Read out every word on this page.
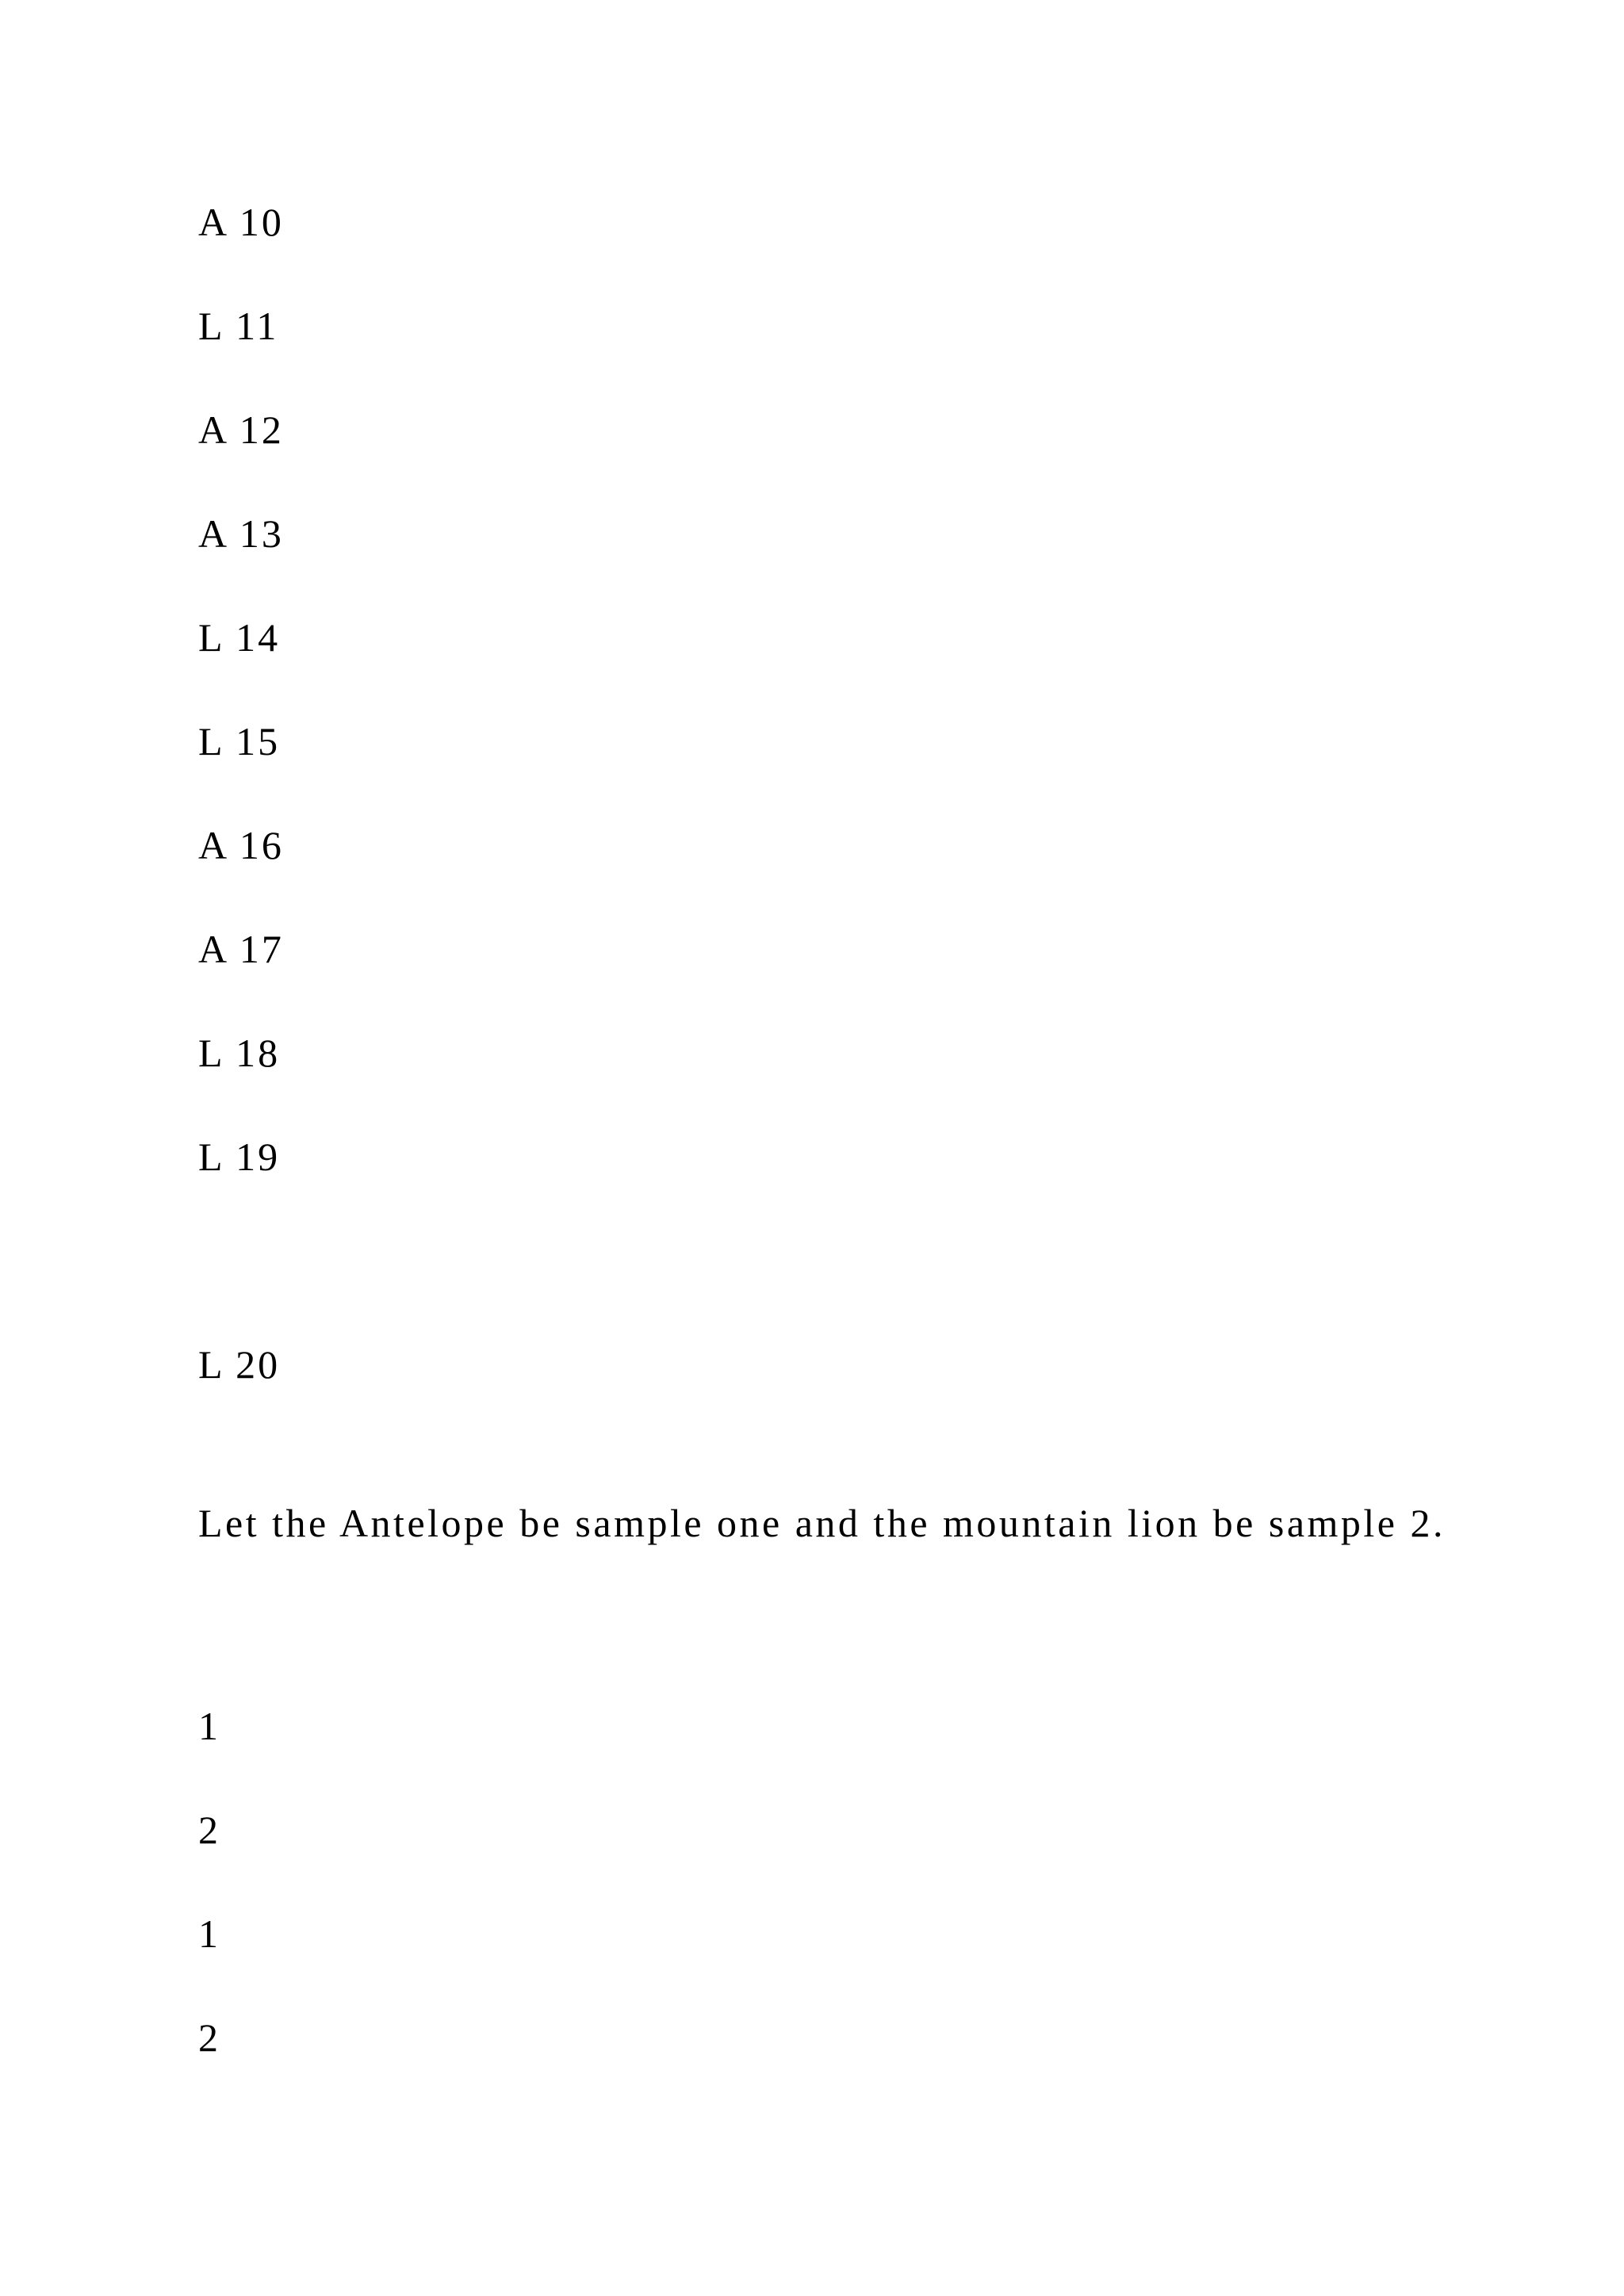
A 10
L 11
A 12
A 13
L 14
L 15
A 16
A 17
L 18
L 19
L 20
Let the Antelope be sample one and the mountain lion be sample 2.
1
2
1
2
